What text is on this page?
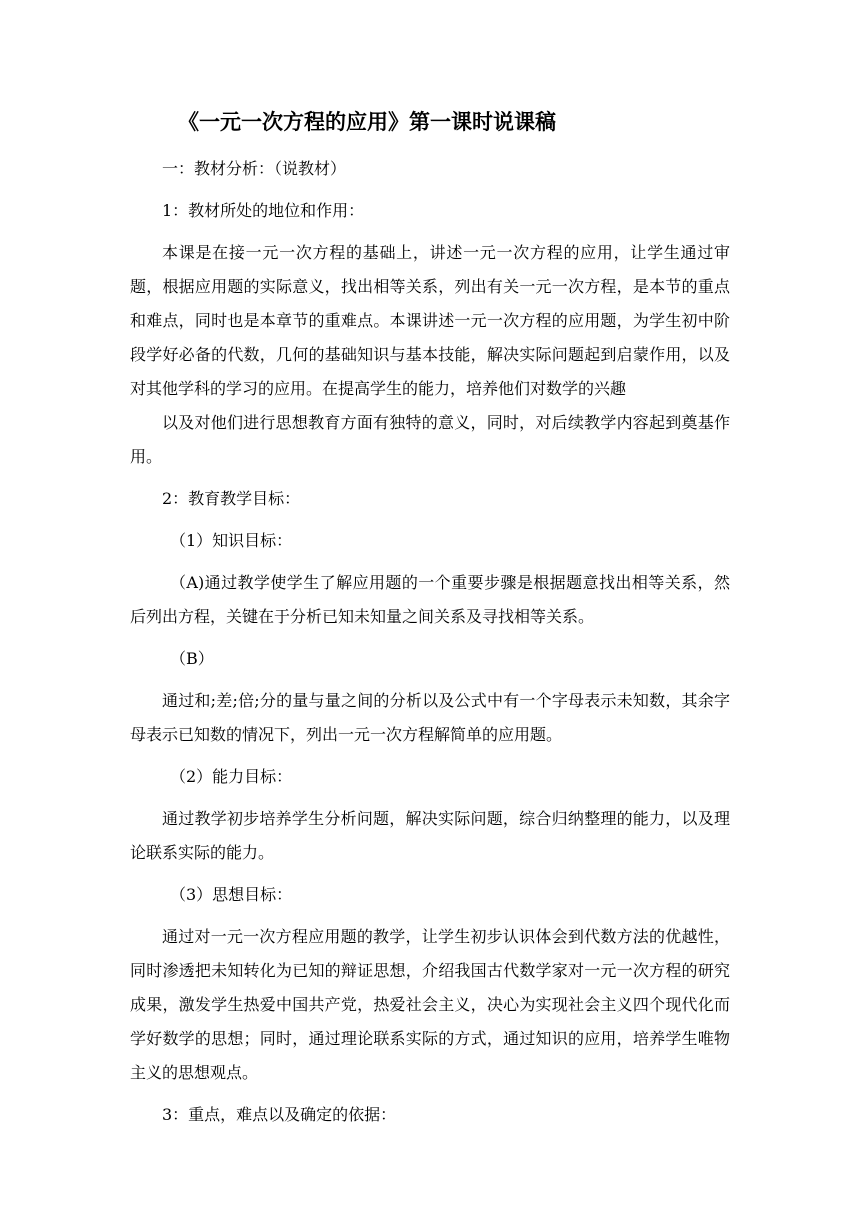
《一元一次方程的应用》第一课时说课稿

一：教材分析：（说教材）

1：教材所处的地位和作用：

本课是在接一元一次方程的基础上，讲述一元一次方程的应用，让学生通过审题，根据应用题的实际意义，找出相等关系，列出有关一元一次方程，是本节的重点和难点，同时也是本章节的重难点。本课讲述一元一次方程的应用题，为学生初中阶段学好必备的代数，几何的基础知识与基本技能，解决实际问题起到启蒙作用，以及对其他学科的学习的应用。在提高学生的能力，培养他们对数学的兴趣

以及对他们进行思想教育方面有独特的意义，同时，对后续教学内容起到奠基作用。

2：教育教学目标：

（1）知识目标：

（A)通过教学使学生了解应用题的一个重要步骤是根据题意找出相等关系，然后列出方程，关键在于分析已知未知量之间关系及寻找相等关系。

（B）

通过和;差;倍;分的量与量之间的分析以及公式中有一个字母表示未知数，其余字母表示已知数的情况下，列出一元一次方程解简单的应用题。

（2）能力目标：

通过教学初步培养学生分析问题，解决实际问题，综合归纳整理的能力，以及理论联系实际的能力。

（3）思想目标：

通过对一元一次方程应用题的教学，让学生初步认识体会到代数方法的优越性，同时渗透把未知转化为已知的辩证思想，介绍我国古代数学家对一元一次方程的研究成果，激发学生热爱中国共产党，热爱社会主义，决心为实现社会主义四个现代化而学好数学的思想；同时，通过理论联系实际的方式，通过知识的应用，培养学生唯物主义的思想观点。

3：重点，难点以及确定的依据：
